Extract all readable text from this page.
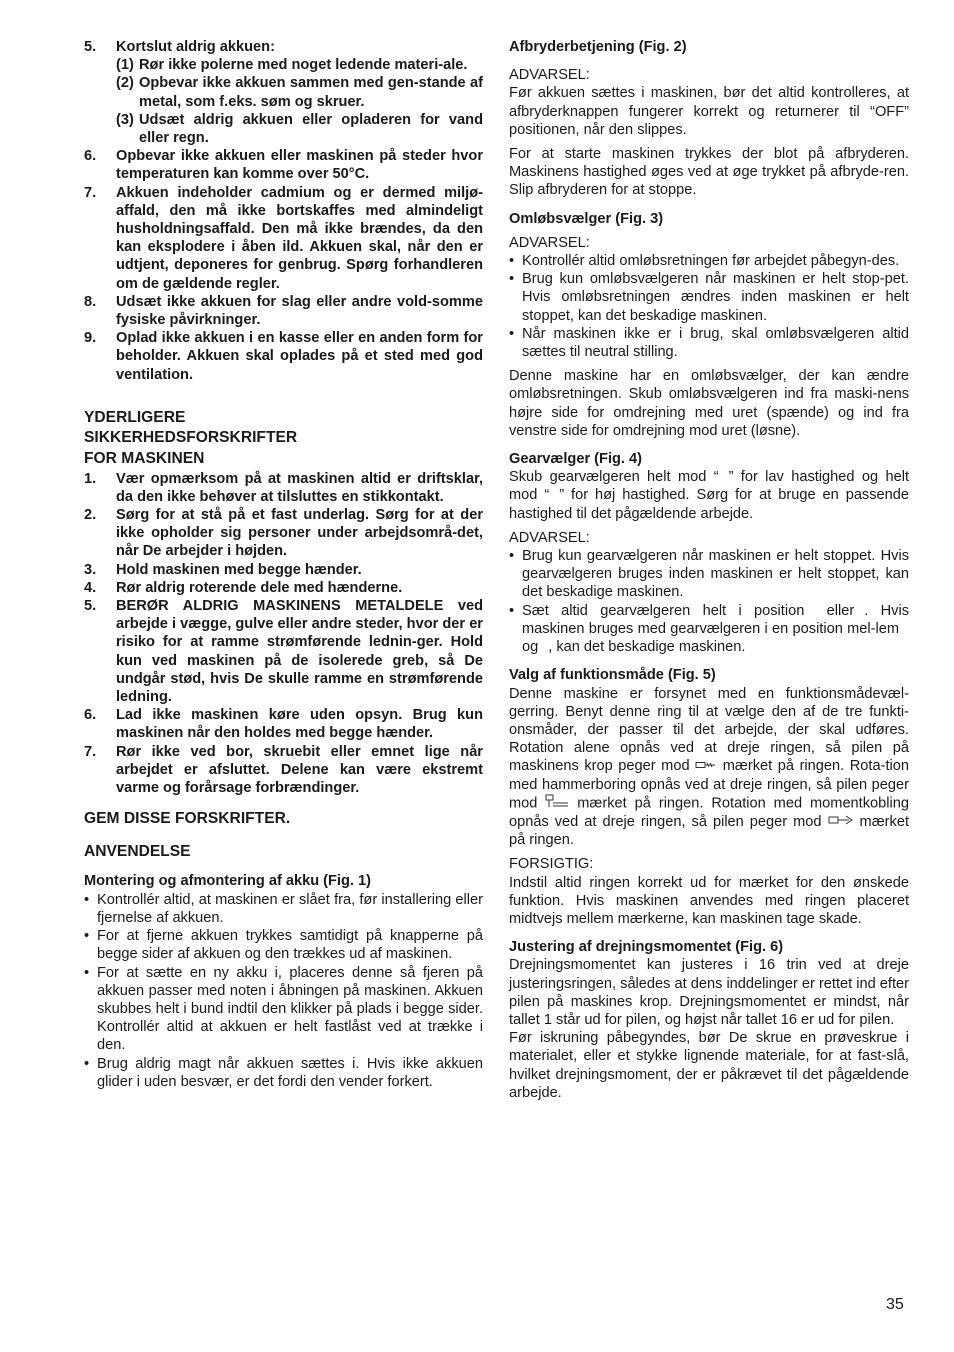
5.	Kortslut aldrig akkuen:
(1) Rør ikke polerne med noget ledende materi-ale.
(2) Opbevar ikke akkuen sammen med gen-stande af metal, som f.eks. søm og skruer.
(3) Udsæt aldrig akkuen eller opladeren for vand eller regn.
6.	Opbevar ikke akkuen eller maskinen på steder hvor temperaturen kan komme over 50°C.
7.	Akkuen indeholder cadmium og er dermed miljø-affald, den må ikke bortskaffes med almindeligt husholdningsaffald. Den må ikke brændes, da den kan eksplodere i åben ild. Akkuen skal, når den er udtjent, deponeres for genbrug. Spørg forhandleren om de gældende regler.
8.	Udsæt ikke akkuen for slag eller andre vold-somme fysiske påvirkninger.
9.	Oplad ikke akkuen i en kasse eller en anden form for beholder. Akkuen skal oplades på et sted med god ventilation.
YDERLIGERE
SIKKERHEDSFORSKRIFTER
FOR MASKINEN
1.	Vær opmærksom på at maskinen altid er driftsklar, da den ikke behøver at tilsluttes en stikkontakt.
2.	Sørg for at stå på et fast underlag. Sørg for at der ikke opholder sig personer under arbejdsområ-det, når De arbejder i højden.
3.	Hold maskinen med begge hænder.
4.	Rør aldrig roterende dele med hænderne.
5.	BERØR ALDRIG MASKINENS METALDELE ved arbejde i vægge, gulve eller andre steder, hvor der er risiko for at ramme strømførende lednin-ger. Hold kun ved maskinen på de isolerede greb, så De undgår stød, hvis De skulle ramme en strømførende ledning.
6.	Lad ikke maskinen køre uden opsyn. Brug kun maskinen når den holdes med begge hænder.
7.	Rør ikke ved bor, skruebit eller emnet lige når arbejdet er afsluttet. Delene kan være ekstremt varme og forårsage forbrændinger.
GEM DISSE FORSKRIFTER.
ANVENDELSE
Montering og afmontering af akku (Fig. 1)
• Kontrollér altid, at maskinen er slået fra, før installering eller fjernelse af akkuen.
• For at fjerne akkuen trykkes samtidigt på knapperne på begge sider af akkuen og den trækkes ud af maskinen.
• For at sætte en ny akku i, placeres denne så fjeren på akkuen passer med noten i åbningen på maskinen. Akkuen skubbes helt i bund indtil den klikker på plads i begge sider. Kontrollér altid at akkuen er helt fastlåst ved at trække i den.
• Brug aldrig magt når akkuen sættes i. Hvis ikke akkuen glider i uden besvær, er det fordi den vender forkert.
Afbryderbetjening (Fig. 2)
ADVARSEL:
Før akkuen sættes i maskinen, bør det altid kontrolleres, at afbryderknappen fungerer korrekt og returnerer til “OFF” positionen, når den slippes.
For at starte maskinen trykkes der blot på afbryderen. Maskinens hastighed øges ved at øge trykket på afbryde-ren. Slip afbryderen for at stoppe.
Omløbsvælger (Fig. 3)
ADVARSEL:
• Kontrollér altid omløbsretningen før arbejdet påbegyn-des.
• Brug kun omløbsvælgeren når maskinen er helt stop-pet. Hvis omløbsretningen ændres inden maskinen er helt stoppet, kan det beskadige maskinen.
• Når maskinen ikke er i brug, skal omløbsvælgeren altid sættes til neutral stilling.
Denne maskine har en omløbsvælger, der kan ændre omløbsretningen. Skub omløbsvælgeren ind fra maski-nens højre side for omdrejning med uret (spænde) og ind fra venstre side for omdrejning mod uret (løsne).
Gearvælger (Fig. 4)
Skub gearvælgeren helt mod “ ” for lav hastighed og helt mod “ ” for høj hastighed. Sørg for at bruge en passende hastighed til det pågældende arbejde.
ADVARSEL:
• Brug kun gearvælgeren når maskinen er helt stoppet. Hvis gearvælgeren bruges inden maskinen er helt stoppet, kan det beskadige maskinen.
• Sæt altid gearvælgeren helt i position eller . Hvis maskinen bruges med gearvælgeren i en position mel-lem og , kan det beskadige maskinen.
Valg af funktionsmåde (Fig. 5)
Denne maskine er forsynet med en funktionsmådevæl-gerring. Benyt denne ring til at vælge den af de tre funkti-onsmåder, der passer til det arbejde, der skal udføres. Rotation alene opnås ved at dreje ringen, så pilen på maskinens krop peger mod mærket på ringen. Rota-tion med hammerboring opnås ved at dreje ringen, så pilen peger mod	mærket på ringen. Rotation med momentkobling opnås ved at dreje ringen, så pilen peger mod	mærket på ringen.
FORSIGTIG:
Indstil altid ringen korrekt ud for mærket for den ønskede funktion. Hvis maskinen anvendes med ringen placeret midtvejs mellem mærkerne, kan maskinen tage skade.
Justering af drejningsmomentet (Fig. 6)
Drejningsmomentet kan justeres i 16 trin ved at dreje justeringsringen, således at dens inddelinger er rettet ind efter pilen på maskines krop. Drejningsmomentet er mindst, når tallet 1 står ud for pilen, og højst når tallet 16 er ud for pilen.
Før iskruning påbegyndes, bør De skrue en prøveskrue i materialet, eller et stykke lignende materiale, for at fast-slå, hvilket drejningsmoment, der er påkrævet til det pågældende arbejde.
35
